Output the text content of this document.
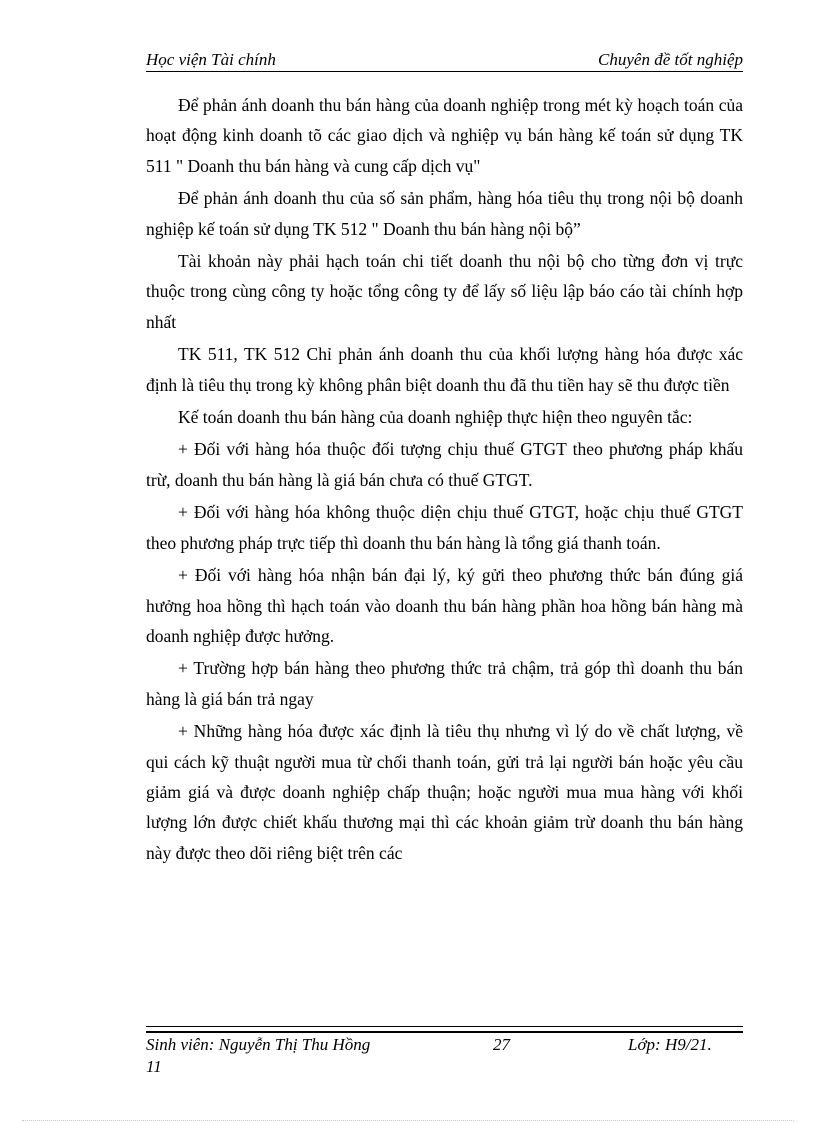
Học viện Tài chính	Chuyên đề tốt nghiệp

Để phản ánh doanh thu bán hàng của doanh nghiệp trong mét kỳ hoạch toán của hoạt động kinh doanh tõ các giao dịch và nghiệp vụ bán hàng kế toán sử dụng TK 511 " Doanh thu bán hàng và cung cấp dịch vụ"

Để phản ánh doanh thu của số sản phẩm, hàng hóa tiêu thụ trong nội bộ doanh nghiệp kế toán sử dụng TK 512 " Doanh thu bán hàng nội bộ”

Tài khoản này phải hạch toán chi tiết doanh thu nội bộ cho từng đơn vị trực thuộc trong cùng công ty hoặc tổng công ty để lấy số liệu lập báo cáo tài chính hợp nhất

TK 511, TK 512 Chỉ phản ánh doanh thu của khối lượng hàng hóa được xác định là tiêu thụ trong kỳ không phân biệt doanh thu đã thu tiền hay sẽ thu được tiền

Kế toán doanh thu bán hàng của doanh nghiệp thực hiện theo nguyên tắc:

+ Đối với hàng hóa thuộc đối tượng chịu thuế GTGT theo phương pháp khấu trừ, doanh thu bán hàng là giá bán chưa có thuế GTGT.

+ Đối với hàng hóa không thuộc diện chịu thuế GTGT, hoặc chịu thuế GTGT theo phương pháp trực tiếp thì doanh thu bán hàng là tổng giá thanh toán.

+ Đối với hàng hóa nhận bán đại lý, ký gửi theo phương thức bán đúng giá hưởng hoa hồng thì hạch toán vào doanh thu bán hàng phần hoa hồng bán hàng mà doanh nghiệp được hưởng.

+ Trường hợp bán hàng theo phương thức trả chậm, trả góp thì doanh thu bán hàng là giá bán trả ngay

+ Những hàng hóa được xác định là tiêu thụ nhưng vì lý do về chất lượng, về qui cách kỹ thuật người mua từ chối thanh toán, gửi trả lại người bán hoặc yêu cầu giảm giá và được doanh nghiệp chấp thuận; hoặc người mua mua hàng với khối lượng lớn được chiết khấu thương mại thì các khoản giảm trừ doanh thu bán hàng này được theo dõi riêng biệt trên các

Sinh viên: Nguyễn Thị Thu Hồng	27	Lớp: H9/21.
11
